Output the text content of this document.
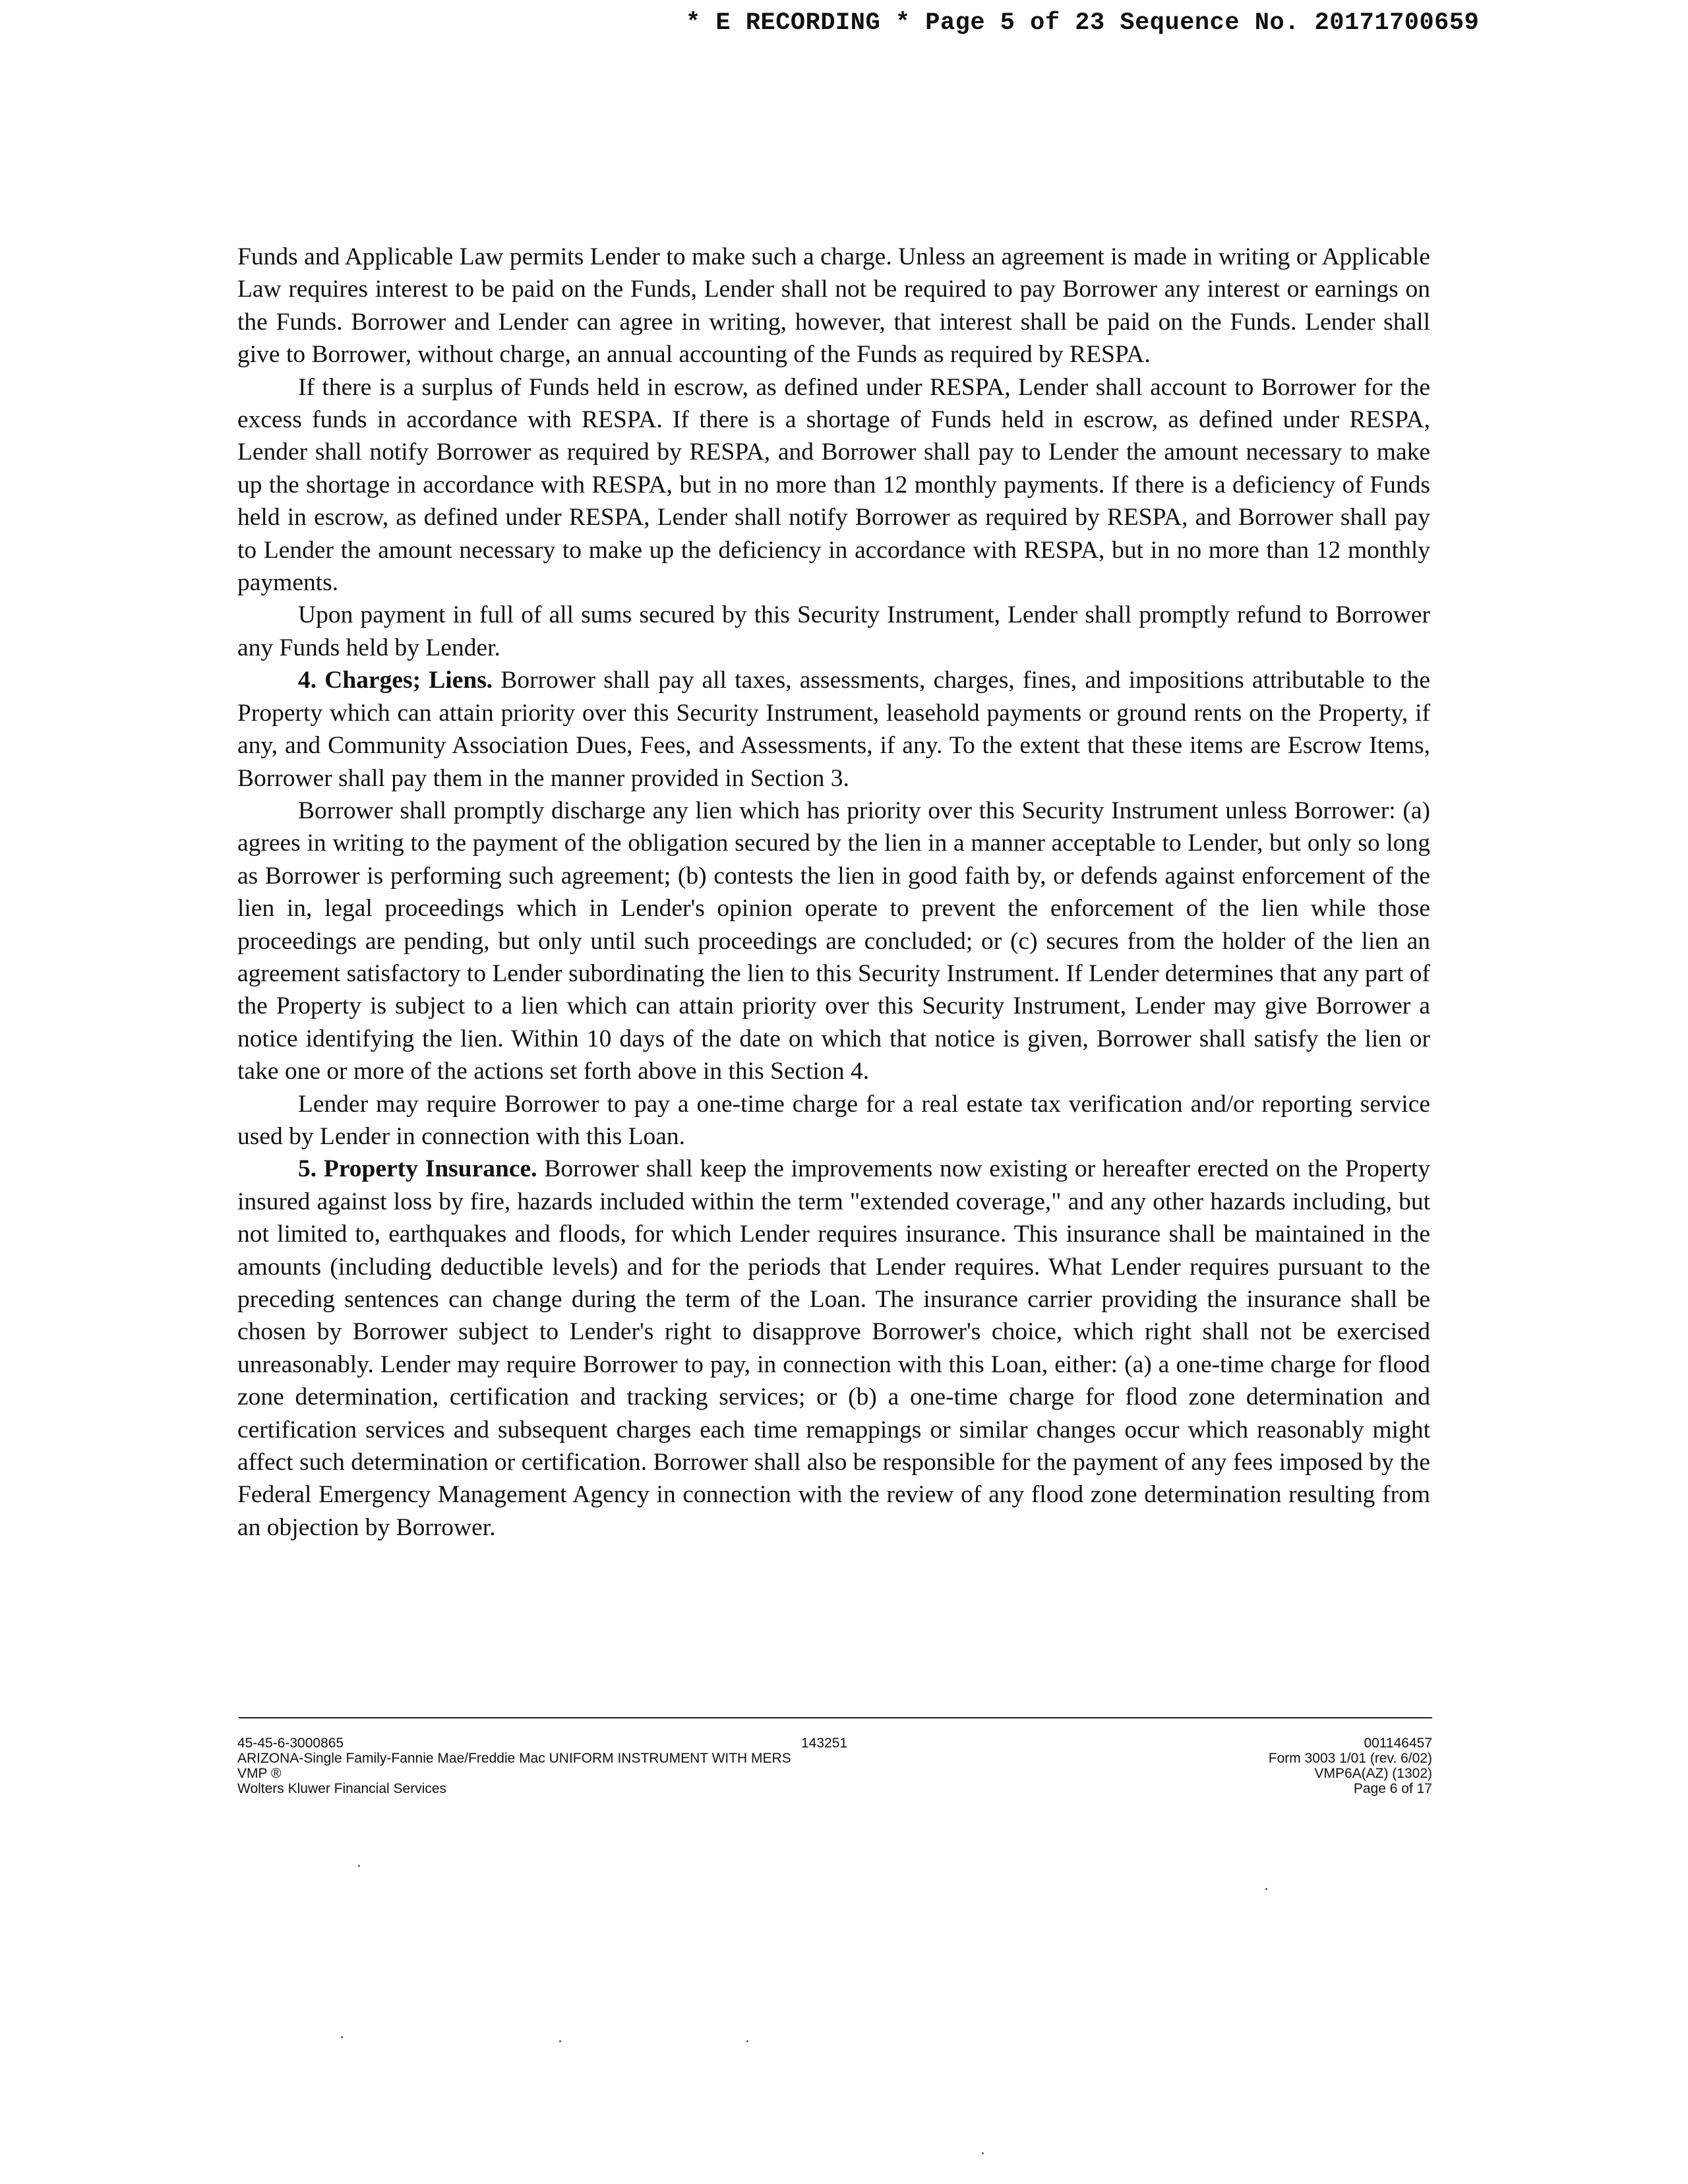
* E RECORDING * Page 5 of 23 Sequence No. 20171700659

Funds and Applicable Law permits Lender to make such a charge. Unless an agreement is made in writing or Applicable Law requires interest to be paid on the Funds, Lender shall not be required to pay Borrower any interest or earnings on the Funds. Borrower and Lender can agree in writing, however, that interest shall be paid on the Funds. Lender shall give to Borrower, without charge, an annual accounting of the Funds as required by RESPA.

If there is a surplus of Funds held in escrow, as defined under RESPA, Lender shall account to Borrower for the excess funds in accordance with RESPA. If there is a shortage of Funds held in escrow, as defined under RESPA, Lender shall notify Borrower as required by RESPA, and Borrower shall pay to Lender the amount necessary to make up the shortage in accordance with RESPA, but in no more than 12 monthly payments. If there is a deficiency of Funds held in escrow, as defined under RESPA, Lender shall notify Borrower as required by RESPA, and Borrower shall pay to Lender the amount necessary to make up the deficiency in accordance with RESPA, but in no more than 12 monthly payments.

Upon payment in full of all sums secured by this Security Instrument, Lender shall promptly refund to Borrower any Funds held by Lender.

4. Charges; Liens. Borrower shall pay all taxes, assessments, charges, fines, and impositions attributable to the Property which can attain priority over this Security Instrument, leasehold payments or ground rents on the Property, if any, and Community Association Dues, Fees, and Assessments, if any. To the extent that these items are Escrow Items, Borrower shall pay them in the manner provided in Section 3.

Borrower shall promptly discharge any lien which has priority over this Security Instrument unless Borrower: (a) agrees in writing to the payment of the obligation secured by the lien in a manner acceptable to Lender, but only so long as Borrower is performing such agreement; (b) contests the lien in good faith by, or defends against enforcement of the lien in, legal proceedings which in Lender's opinion operate to prevent the enforcement of the lien while those proceedings are pending, but only until such proceedings are concluded; or (c) secures from the holder of the lien an agreement satisfactory to Lender subordinating the lien to this Security Instrument. If Lender determines that any part of the Property is subject to a lien which can attain priority over this Security Instrument, Lender may give Borrower a notice identifying the lien. Within 10 days of the date on which that notice is given, Borrower shall satisfy the lien or take one or more of the actions set forth above in this Section 4.

Lender may require Borrower to pay a one-time charge for a real estate tax verification and/or reporting service used by Lender in connection with this Loan.

5. Property Insurance. Borrower shall keep the improvements now existing or hereafter erected on the Property insured against loss by fire, hazards included within the term "extended coverage," and any other hazards including, but not limited to, earthquakes and floods, for which Lender requires insurance. This insurance shall be maintained in the amounts (including deductible levels) and for the periods that Lender requires. What Lender requires pursuant to the preceding sentences can change during the term of the Loan. The insurance carrier providing the insurance shall be chosen by Borrower subject to Lender's right to disapprove Borrower's choice, which right shall not be exercised unreasonably. Lender may require Borrower to pay, in connection with this Loan, either: (a) a one-time charge for flood zone determination, certification and tracking services; or (b) a one-time charge for flood zone determination and certification services and subsequent charges each time remappings or similar changes occur which reasonably might affect such determination or certification. Borrower shall also be responsible for the payment of any fees imposed by the Federal Emergency Management Agency in connection with the review of any flood zone determination resulting from an objection by Borrower.

45-45-6-3000865
ARIZONA-Single Family-Fannie Mae/Freddie Mac UNIFORM INSTRUMENT WITH MERS
VMP ®
Wolters Kluwer Financial Services
143251	001146457
Form 3003 1/01 (rev. 6/02)
VMP6A(AZ) (1302)
Page 6 of 17
